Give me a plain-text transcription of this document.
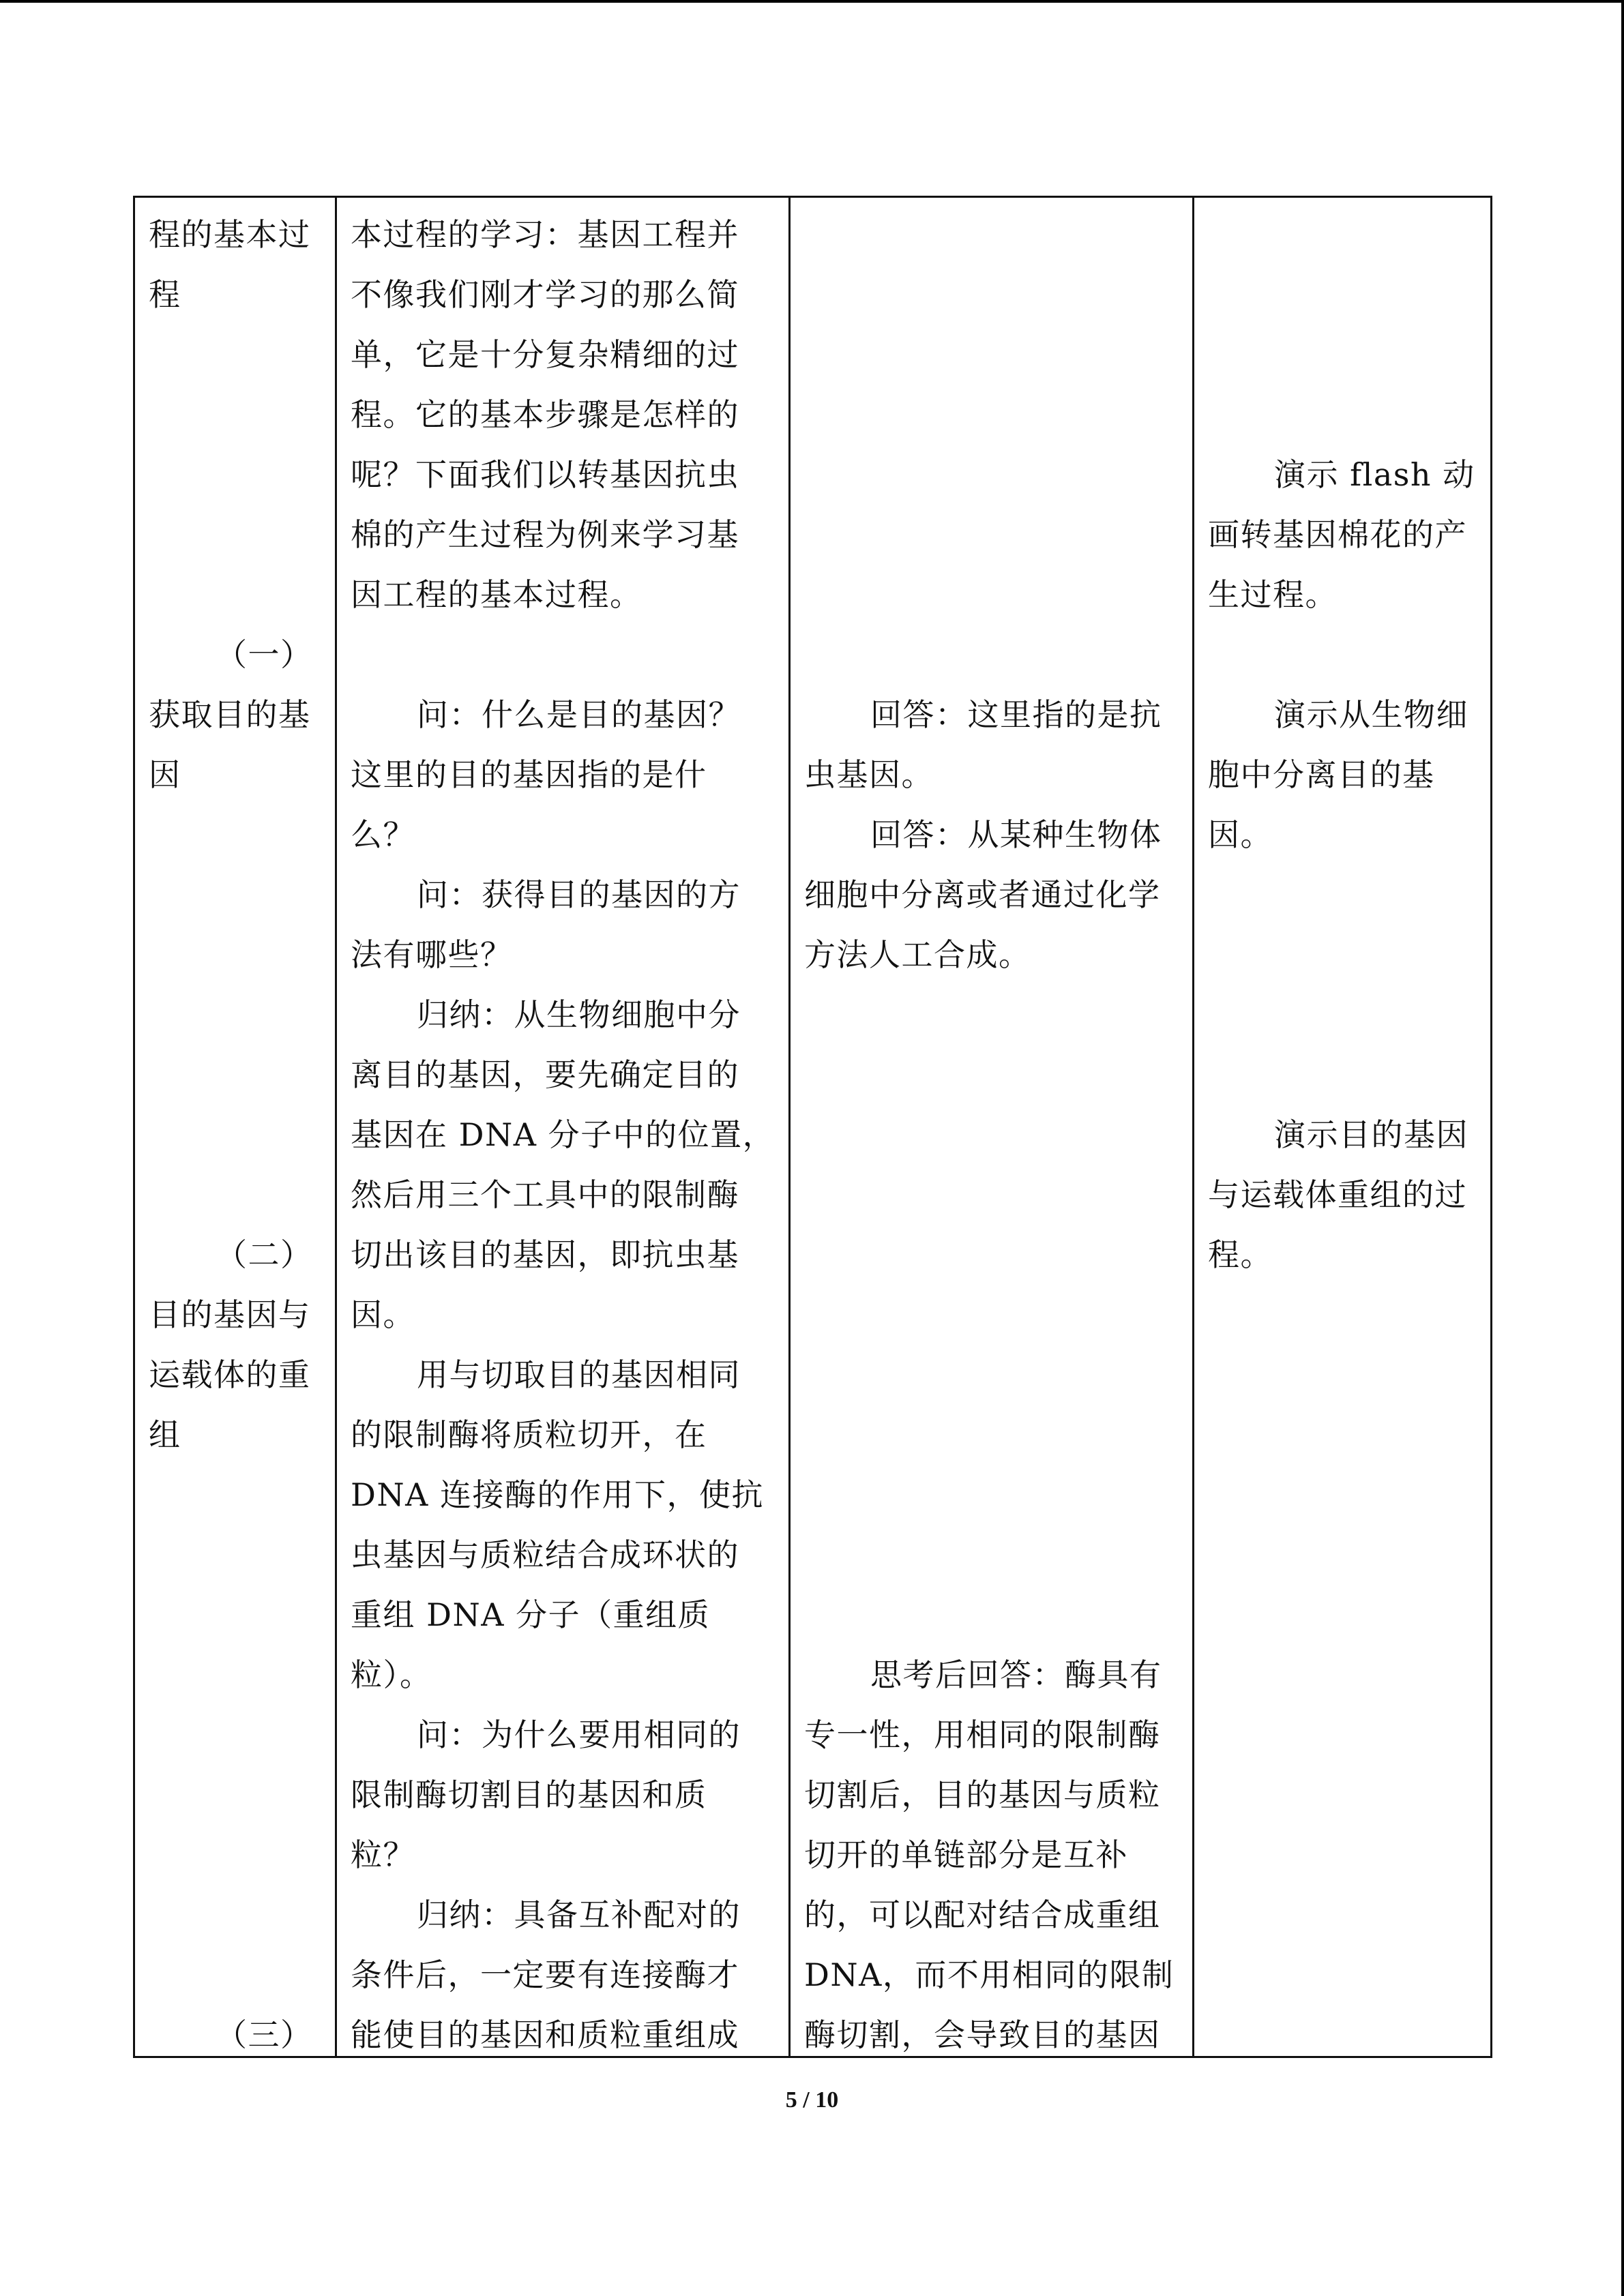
程的基本过
程
（一）
获取目的基
因
（二）
目的基因与
运载体的重
组
（三）
本过程的学习：基因工程并
不像我们刚才学习的那么简
单，它是十分复杂精细的过
程。它的基本步骤是怎样的
呢？下面我们以转基因抗虫
棉的产生过程为例来学习基
因工程的基本过程。
问：什么是目的基因？
这里的目的基因指的是什
么？
问：获得目的基因的方
法有哪些？
归纳：从生物细胞中分
离目的基因，要先确定目的
基因在 DNA 分子中的位置，
然后用三个工具中的限制酶
切出该目的基因，即抗虫基
因。
用与切取目的基因相同
的限制酶将质粒切开，在
DNA 连接酶的作用下，使抗
虫基因与质粒结合成环状的
重组 DNA 分子（重组质
粒）。
问：为什么要用相同的
限制酶切割目的基因和质
粒？
归纳：具备互补配对的
条件后，一定要有连接酶才
能使目的基因和质粒重组成
回答：这里指的是抗
虫基因。
回答：从某种生物体
细胞中分离或者通过化学
方法人工合成。
思考后回答：酶具有
专一性，用相同的限制酶
切割后，目的基因与质粒
切开的单链部分是互补
的，可以配对结合成重组
DNA，而不用相同的限制
酶切割，会导致目的基因
演示 flash 动
画转基因棉花的产
生过程。
演示从生物细
胞中分离目的基
因。
演示目的基因
与运载体重组的过
程。
5 / 10
